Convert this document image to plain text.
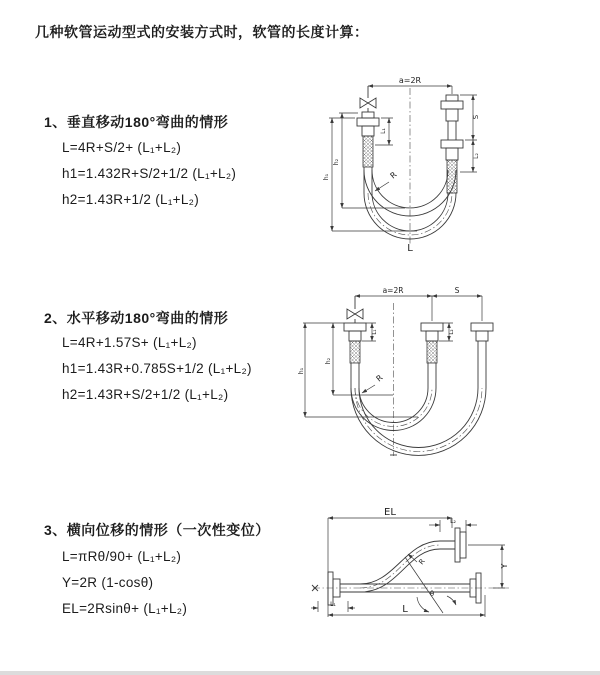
几种软管运动型式的安装方式时，软管的长度计算：
1、垂直移动180°弯曲的情形
L=4R+S/2+ (L₁+L₂)
h1=1.432R+S/2+1/2 (L₁+L₂)
h2=1.43R+1/2 (L₁+L₂)
a=2R
L₁
S
L₂
h₂
h₁	R
L
2、水平移动180°弯曲的情形
L=4R+1.57S+ (L₁+L₂)
h1=1.43R+0.785S+1/2 (L₁+L₂)
h2=1.43R+S/2+1/2 (L₁+L₂)
a=2R	S
L₁	L₂
h₁
h₂
R
3、横向位移的情形（一次性变位）
L=πRθ/90+ (L₁+L₂)
Y=2R (1-cosθ)
EL=2Rsinθ+ (L₁+L₂)
EL
L₂
Y
θ
R
L₁	L
